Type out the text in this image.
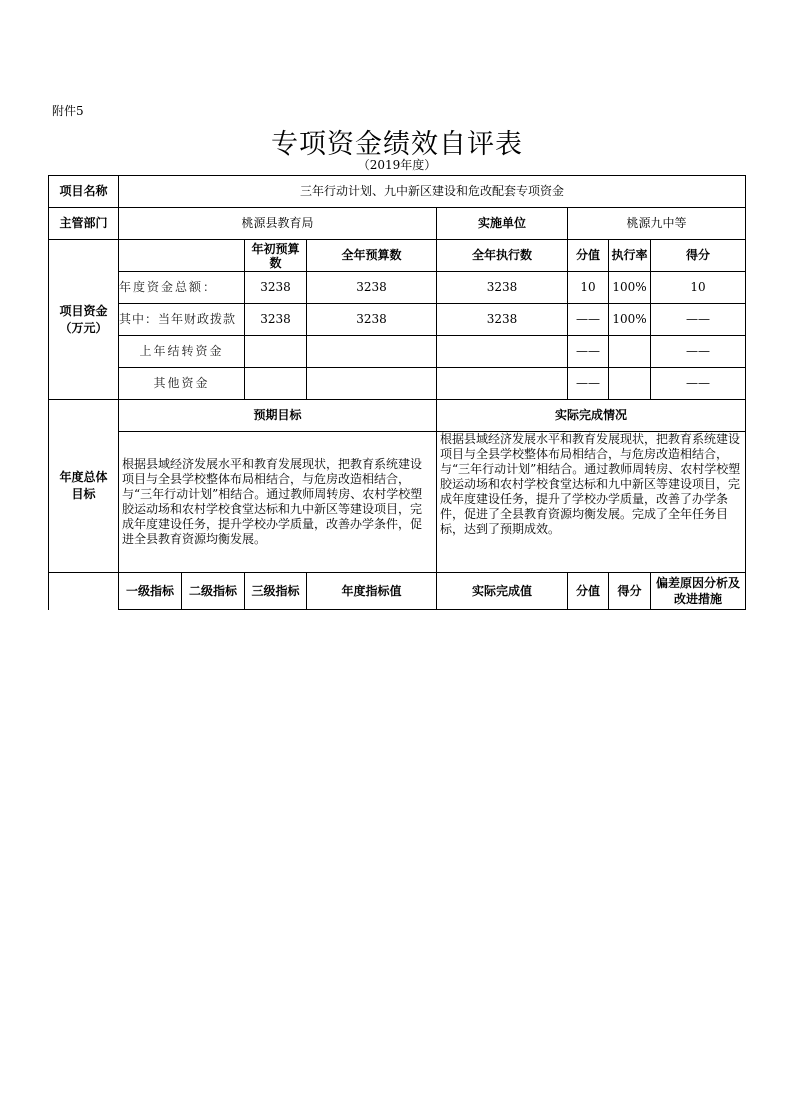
附件5
专项资金绩效自评表
（2019年度）
项目名称	三年行动计划、九中新区建设和危改配套专项资金							
主管部门	桃源县教育局				实施单位	桃源九中等		

项目资金（万元）			年初预算数	全年预算数	全年执行数	分值	执行率	得分
	年度资金总额：		3238	3238	3238	10	100%	10
	其中：当年财政拨款		3238	3238	3238	——	100%	——
	上年结转资金					——		——
	其他资金					——		——

年度总体目标	预期目标				实际完成情况			
	根据县域经济发展水平和教育发展现状，把教育系统建设项目与全县学校整体布局相结合，与危房改造相结合，与“三年行动计划”相结合。通过教师周转房、农村学校塑胶运动场和农村学校食堂达标和九中新区等建设项目，完成年度建设任务，提升学校办学质量，改善办学条件，促进全县教育资源均衡发展。				根据县域经济发展水平和教育发展现状，把教育系统建设项目与全县学校整体布局相结合，与危房改造相结合，与“三年行动计划”相结合。通过教师周转房、农村学校塑胶运动场和农村学校食堂达标和九中新区等建设项目，完成年度建设任务，提升了学校办学质量，改善了办学条件，促进了全县教育资源均衡发展。完成了全年任务目标，达到了预期成效。			
	一级指标	二级指标	三级指标	年度指标值	实际完成值	分值	得分	偏差原因分析及改进措施
